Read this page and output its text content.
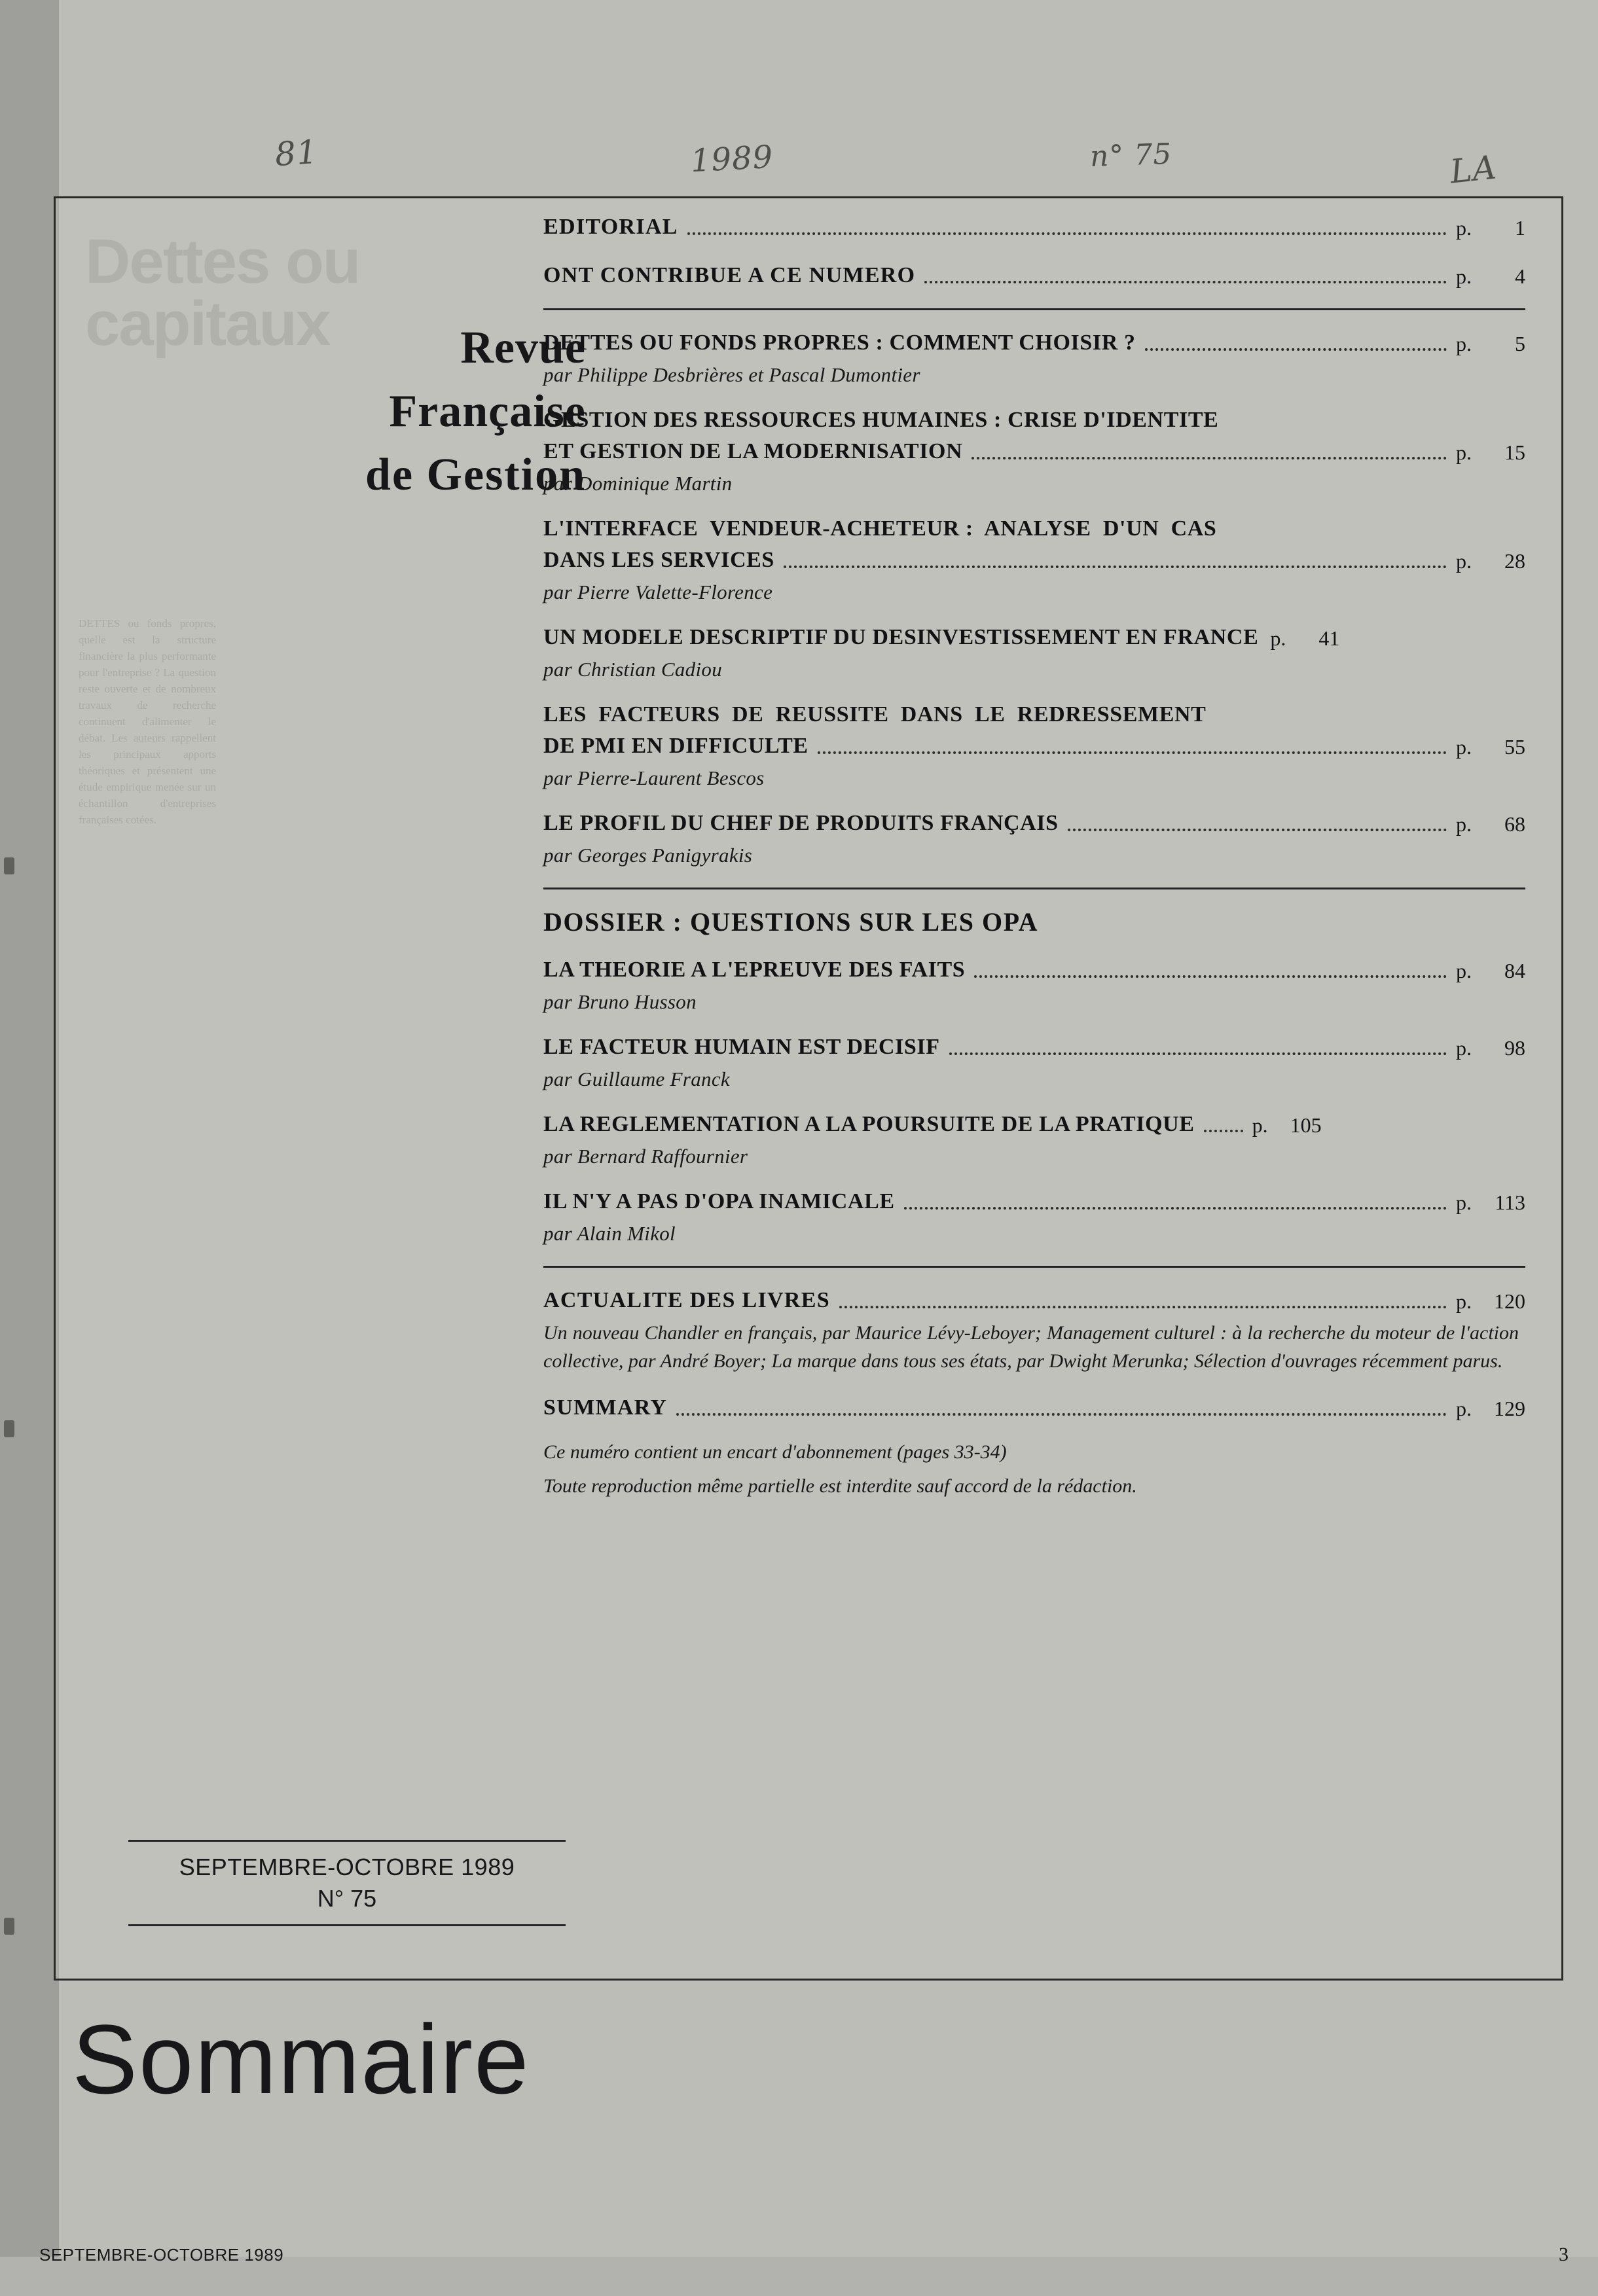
Dettes ou
capitaux
DETTES ou fonds propres, quelle est la structure financière la plus performante pour l'entreprise ? La question reste ouverte et de nombreux travaux de recherche continuent d'alimenter le débat. Les auteurs rappellent les principaux apports théoriques et présentent une étude empirique menée sur un échantillon d'entreprises françaises cotées.
81	1989	n° 75	LA
Revue
Française
de Gestion
SEPTEMBRE-OCTOBRE 1989
N° 75
EDITORIAL	p.	1
ONT CONTRIBUE A CE NUMERO	p.	4
DETTES OU FONDS PROPRES : COMMENT CHOISIR ?	p.	5
par Philippe Desbrières et Pascal Dumontier
GESTION DES RESSOURCES HUMAINES : CRISE D'IDENTITE
ET GESTION DE LA MODERNISATION	p.	15
par Dominique Martin
L'INTERFACE  VENDEUR-ACHETEUR :  ANALYSE  D'UN  CAS
DANS LES SERVICES	p.	28
par Pierre Valette-Florence
UN MODELE DESCRIPTIF DU DESINVESTISSEMENT EN FRANCE p.	41
par Christian Cadiou
LES  FACTEURS  DE  REUSSITE  DANS  LE  REDRESSEMENT
DE PMI EN DIFFICULTE	p.	55
par Pierre-Laurent Bescos
LE PROFIL DU CHEF DE PRODUITS FRANÇAIS	p.	68
par Georges Panigyrakis
DOSSIER : QUESTIONS SUR LES OPA
LA THEORIE A L'EPREUVE DES FAITS	p.	84
par Bruno Husson
LE FACTEUR HUMAIN EST DECISIF	p.	98
par Guillaume Franck
LA REGLEMENTATION A LA POURSUITE DE LA PRATIQUE	p.	105
par Bernard Raffournier
IL N'Y A PAS D'OPA INAMICALE	p.	113
par Alain Mikol
ACTUALITE DES LIVRES	p.	120
Un nouveau Chandler en français, par Maurice Lévy-Leboyer; Management culturel : à la recherche du moteur de l'action collective, par André Boyer; La marque dans tous ses états, par Dwight Merunka; Sélection d'ouvrages récemment parus.
SUMMARY	p.	129
Ce numéro contient un encart d'abonnement (pages 33-34)
Toute reproduction même partielle est interdite sauf accord de la rédaction.
Sommaire
SEPTEMBRE-OCTOBRE 1989	3
